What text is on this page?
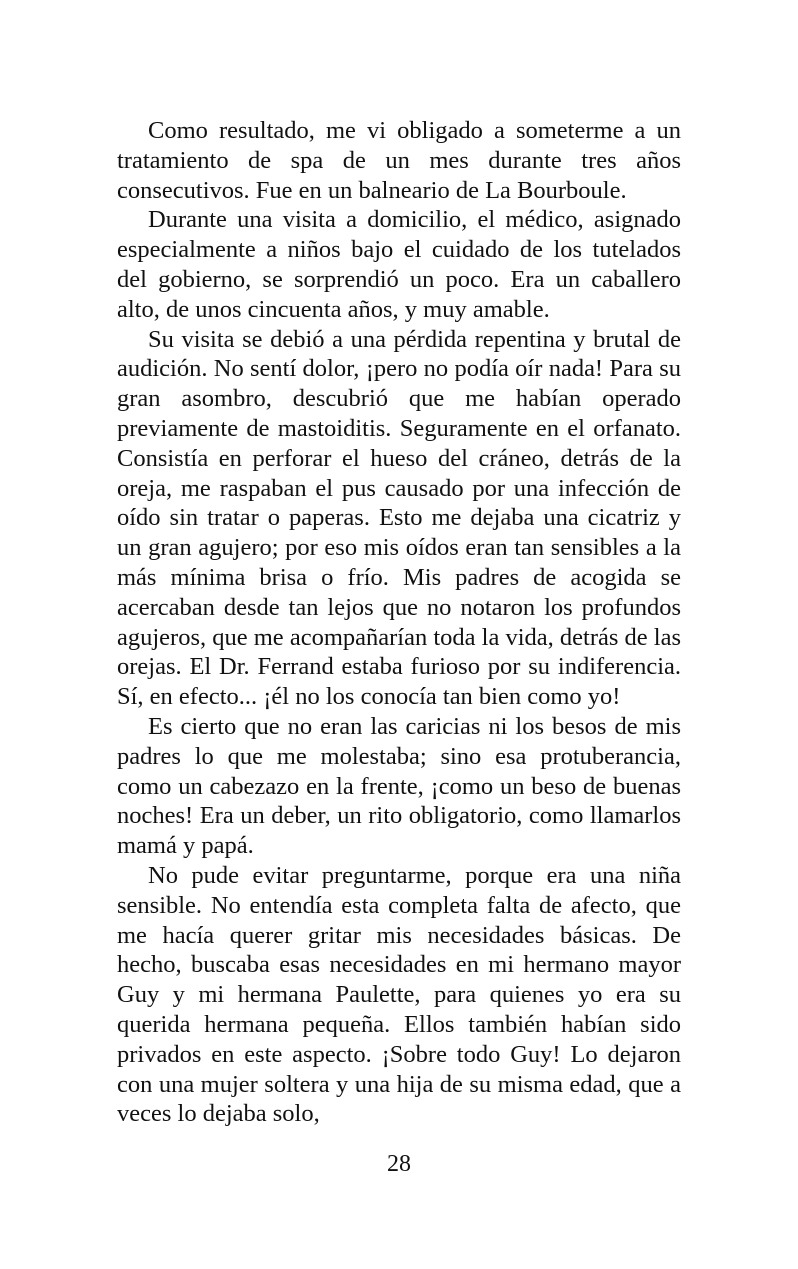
Como resultado, me vi obligado a someterme a un tratamiento de spa de un mes durante tres años consecutivos. Fue en un balneario de La Bourboule.

Durante una visita a domicilio, el médico, asignado especialmente a niños bajo el cuidado de los tutelados del gobierno, se sorprendió un poco. Era un caballero alto, de unos cincuenta años, y muy amable.

Su visita se debió a una pérdida repentina y brutal de audición. No sentí dolor, ¡pero no podía oír nada! Para su gran asombro, descubrió que me habían operado previamente de mastoiditis. Seguramente en el orfanato. Consistía en perforar el hueso del cráneo, detrás de la oreja, me raspaban el pus causado por una infección de oído sin tratar o paperas. Esto me dejaba una cicatriz y un gran agujero; por eso mis oídos eran tan sensibles a la más mínima brisa o frío. Mis padres de acogida se acercaban desde tan lejos que no notaron los profundos agujeros, que me acompañarían toda la vida, detrás de las orejas. El Dr. Ferrand estaba furioso por su indiferencia. Sí, en efecto... ¡él no los conocía tan bien como yo!

Es cierto que no eran las caricias ni los besos de mis padres lo que me molestaba; sino esa protuberancia, como un cabezazo en la frente, ¡como un beso de buenas noches! Era un deber, un rito obligatorio, como llamarlos mamá y papá.

No pude evitar preguntarme, porque era una niña sensible. No entendía esta completa falta de afecto, que me hacía querer gritar mis necesidades básicas. De hecho, buscaba esas necesidades en mi hermano mayor Guy y mi hermana Paulette, para quienes yo era su querida hermana pequeña. Ellos también habían sido privados en este aspecto. ¡Sobre todo Guy! Lo dejaron con una mujer soltera y una hija de su misma edad, que a veces lo dejaba solo,

28
